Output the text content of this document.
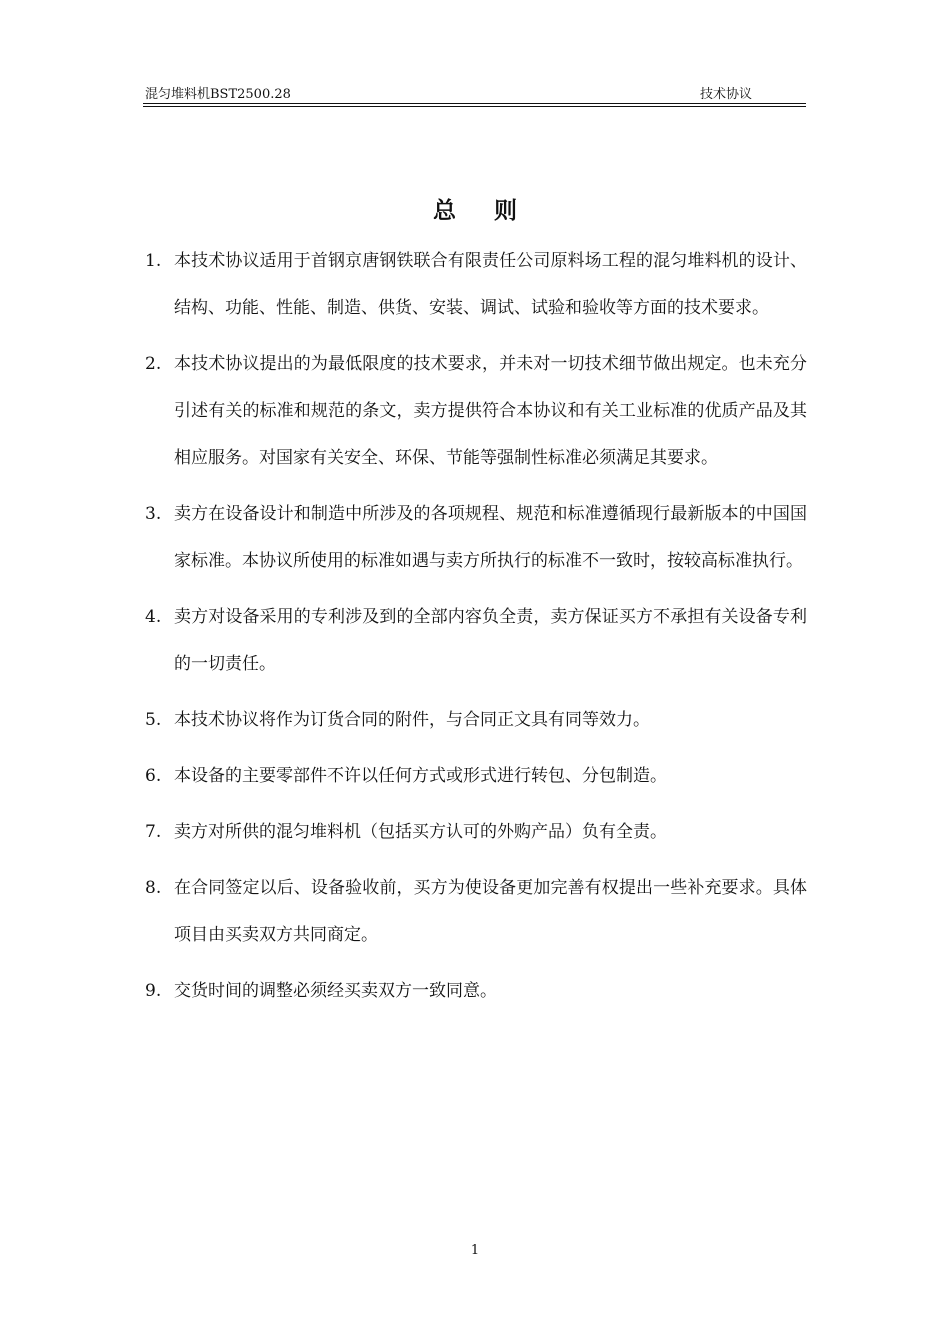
混匀堆料机BST2500.28	技术协议
总则
1. 本技术协议适用于首钢京唐钢铁联合有限责任公司原料场工程的混匀堆料机的设计、结构、功能、性能、制造、供货、安装、调试、试验和验收等方面的技术要求。
2. 本技术协议提出的为最低限度的技术要求，并未对一切技术细节做出规定。也未充分引述有关的标准和规范的条文，卖方提供符合本协议和有关工业标准的优质产品及其相应服务。对国家有关安全、环保、节能等强制性标准必须满足其要求。
3. 卖方在设备设计和制造中所涉及的各项规程、规范和标准遵循现行最新版本的中国国家标准。本协议所使用的标准如遇与卖方所执行的标准不一致时，按较高标准执行。
4. 卖方对设备采用的专利涉及到的全部内容负全责，卖方保证买方不承担有关设备专利的一切责任。
5. 本技术协议将作为订货合同的附件，与合同正文具有同等效力。
6. 本设备的主要零部件不许以任何方式或形式进行转包、分包制造。
7. 卖方对所供的混匀堆料机（包括买方认可的外购产品）负有全责。
8. 在合同签定以后、设备验收前，买方为使设备更加完善有权提出一些补充要求。具体项目由买卖双方共同商定。
9. 交货时间的调整必须经买卖双方一致同意。
1
